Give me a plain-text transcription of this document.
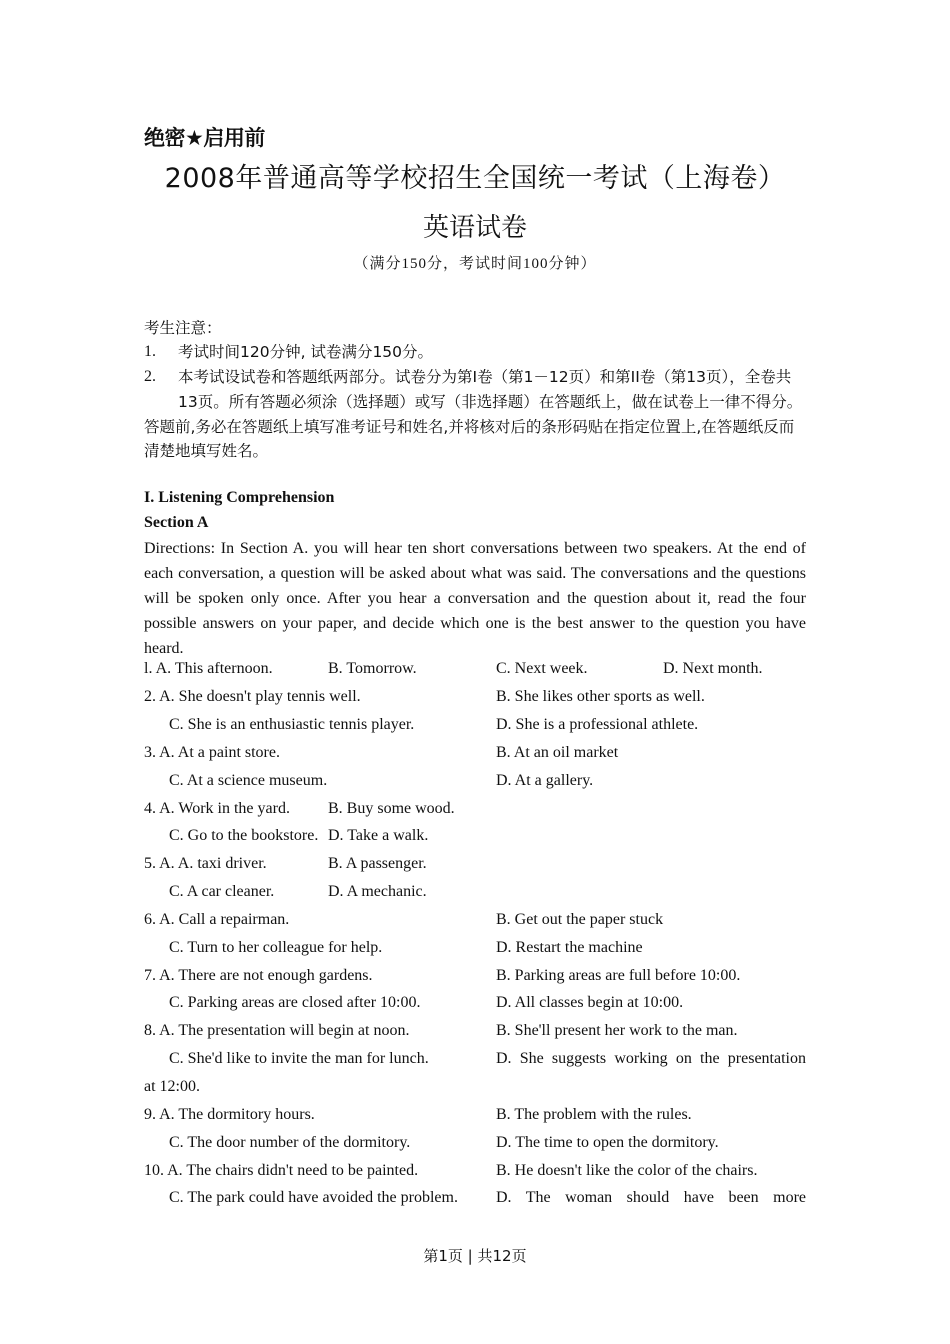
绝密★启用前
2008年普通高等学校招生全国统一考试（上海卷）
英语试卷
（满分150分，考试时间100分钟）
考生注意：
1. 考试时间120分钟, 试卷满分150分。
2. 本考试设试卷和答题纸两部分。试卷分为第I卷（第1－12页）和第II卷（第13页），全卷共13页。所有答题必须涂（选择题）或写（非选择题）在答题纸上，做在试卷上一律不得分。
答题前,务必在答题纸上填写准考证号和姓名,并将核对后的条形码贴在指定位置上,在答题纸反而清楚地填写姓名。
I. Listening Comprehension
Section A
Directions: In Section A. you will hear ten short conversations between two speakers. At the end of each conversation, a question will be asked about what was said. The conversations and the questions will be spoken only once. After you hear a conversation and the question about it, read the four possible answers on your paper, and decide which one is the best answer to the question you have heard.
l. A. This afternoon.	B. Tomorrow.	C. Next week.	D. Next month.
2. A. She doesn't play tennis well.	B. She likes other sports as well.
C. She is an enthusiastic tennis player.	D. She is a professional athlete.
3. A. At a paint store.	B. At an oil market
C. At a science museum.	D. At a gallery.
4. A. Work in the yard. B. Buy some wood.
C. Go to the bookstore. D. Take a walk.
5. A. A. taxi driver.	B. A passenger.
C. A car cleaner.	D. A mechanic.
6. A. Call a repairman.	B. Get out the paper stuck
C. Turn to her colleague for help.	D. Restart the machine
7. A. There are not enough gardens.	B. Parking areas are full before 10:00.
C. Parking areas are closed after 10:00.	D. All classes begin at 10:00.
8. A. The presentation will begin at noon.	B. She'll present her work to the man.
C. She'd like to invite the man for lunch.	D. She suggests working on the presentation
at 12:00.
9. A. The dormitory hours.	B. The problem with the rules.
C. The door number of the dormitory.	D. The time to open the dormitory.
10. A. The chairs didn't need to be painted.	B. He doesn't like the color of the chairs.
C. The park could have avoided the problem. D. The woman should have been more
第1页 | 共12页
